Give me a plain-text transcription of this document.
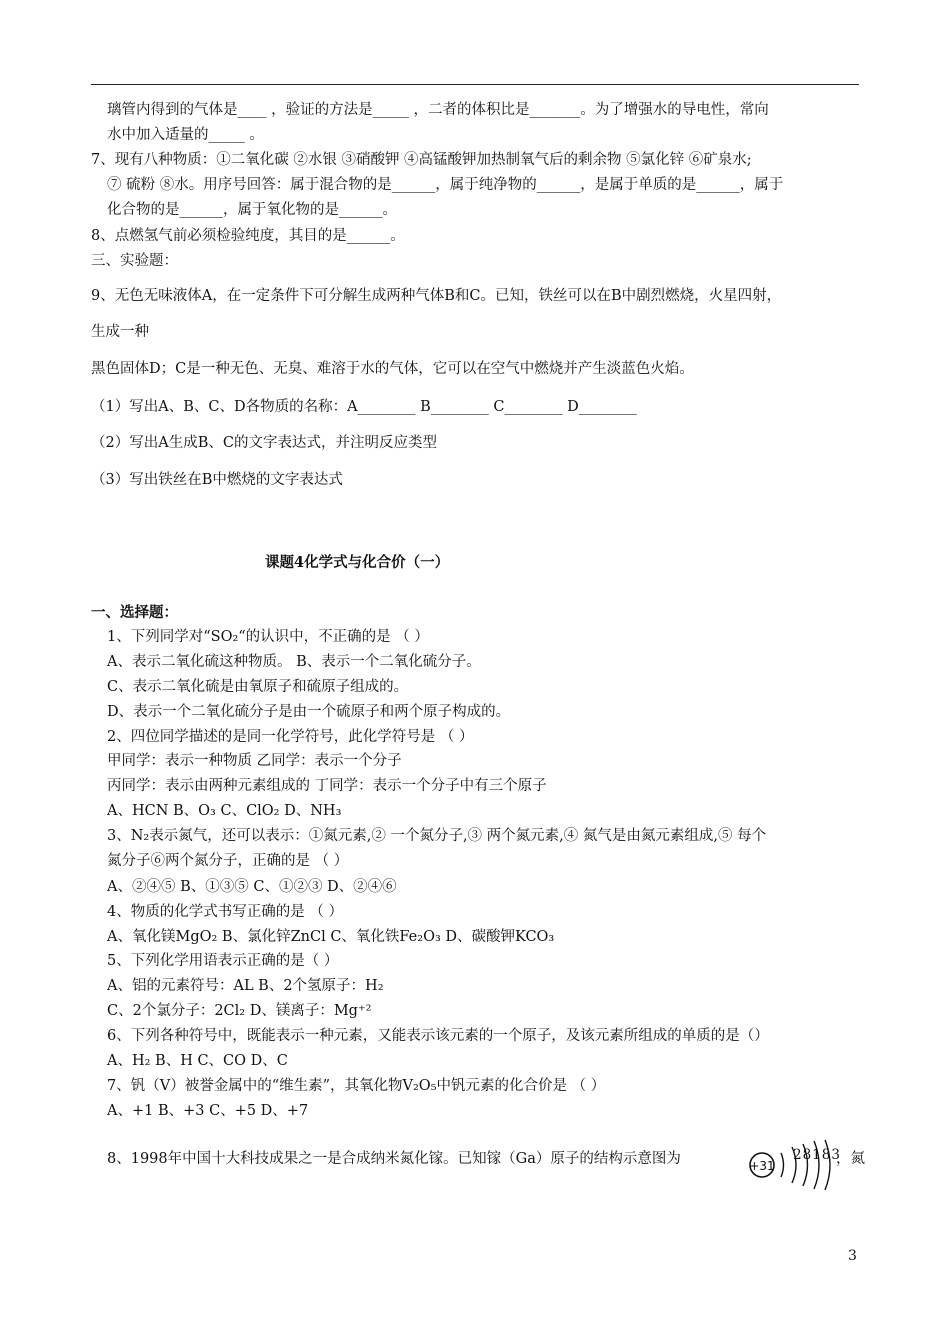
璃管内得到的气体是____ ，验证的方法是_____ ，二者的体积比是_______。为了增强水的导电性，常向
水中加入适量的_____ 。
7、现有八种物质：①二氧化碳 ②水银 ③硝酸钾 ④高锰酸钾加热制氧气后的剩余物 ⑤氯化锌 ⑥矿泉水;
⑦ 硫粉 ⑧水。用序号回答：属于混合物的是______，属于纯净物的______，是属于单质的是______，属于
化合物的是______，属于氧化物的是______。
8、点燃氢气前必须检验纯度，其目的是______。
三、实验题：
9、无色无味液体A，在一定条件下可分解生成两种气体B和C。已知，铁丝可以在B中剧烈燃烧，火星四射，
生成一种
黑色固体D；C是一种无色、无臭、难溶于水的气体，它可以在空气中燃烧并产生淡蓝色火焰。
（1）写出A、B、C、D各物质的名称：A________ B________ C________ D________
（2）写出A生成B、C的文字表达式，并注明反应类型
（3）写出铁丝在B中燃烧的文字表达式
课题4化学式与化合价（一）
一、选择题：
1、下列同学对“SO₂“的认识中，不正确的是 （ ）
A、表示二氧化硫这种物质。 B、表示一个二氧化硫分子。
C、表示二氧化硫是由氧原子和硫原子组成的。
D、表示一个二氧化硫分子是由一个硫原子和两个原子构成的。
2、四位同学描述的是同一化学符号，此化学符号是 （ ）
甲同学：表示一种物质 乙同学：表示一个分子
丙同学：表示由两种元素组成的 丁同学：表示一个分子中有三个原子
A、HCN B、O₃ C、ClO₂ D、NH₃
3、N₂表示氮气，还可以表示：①氮元素,② 一个氮分子,③ 两个氮元素,④ 氮气是由氮元素组成,⑤ 每个
氮分子⑥两个氮分子，正确的是 （ ）
A、②④⑤ B、①③⑤ C、①②③ D、②④⑥
4、物质的化学式书写正确的是 （ ）
A、氧化镁MgO₂ B、氯化锌ZnCl C、氧化铁Fe₂O₃ D、碳酸钾KCO₃
5、下列化学用语表示正确的是（ ）
A、铝的元素符号：AL B、2个氢原子：H₂
C、2个氯分子：2Cl₂ D、镁离子：Mg⁺²
6、下列各种符号中，既能表示一种元素，又能表示该元素的一个原子，及该元素所组成的单质的是（）
A、H₂ B、H C、CO D、C
7、钒（V）被誉金属中的“维生素”，其氧化物V₂O₅中钒元素的化合价是 （ ）
A、+1 B、+3 C、+5 D、+7
8、1998年中国十大科技成果之一是合成纳米氮化镓。已知镓（Ga）原子的结构示意图为	+31
28183
，氮
3
